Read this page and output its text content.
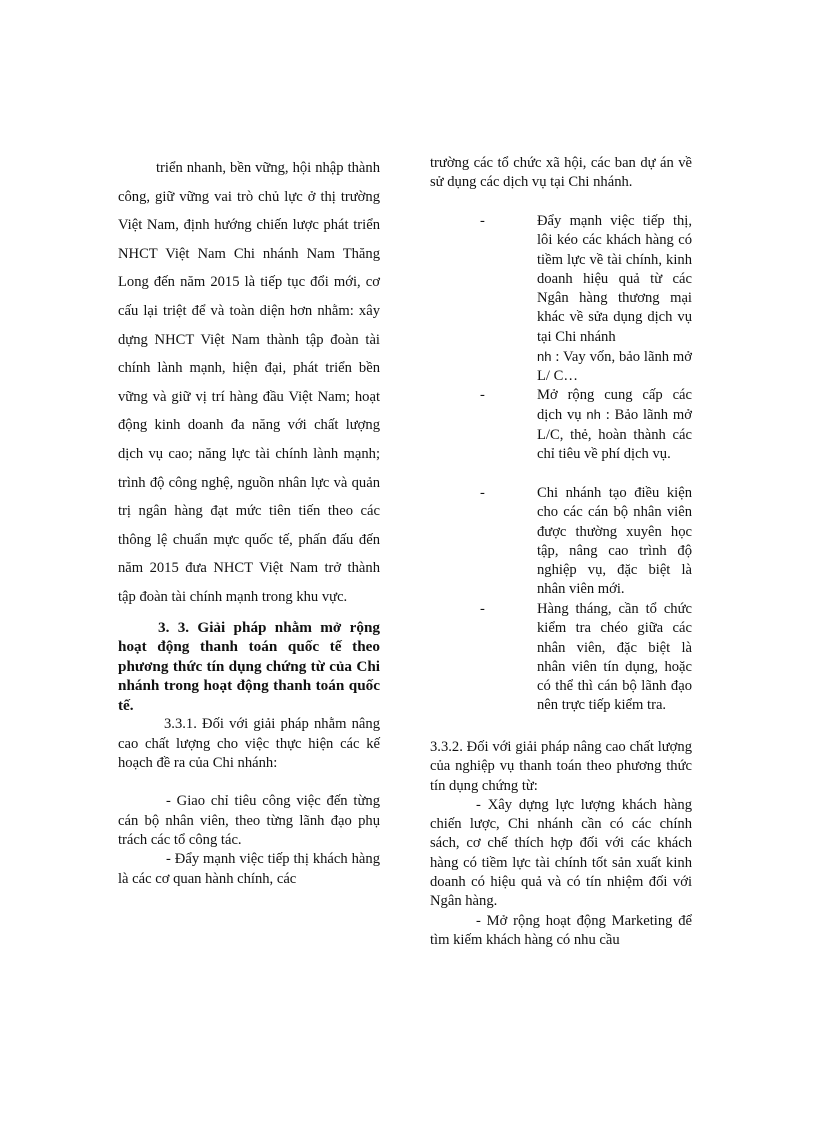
triển nhanh, bền vững, hội nhập thành công, giữ vững vai trò chủ lực ở thị trường Việt Nam, định hướng chiến lược phát triển NHCT Việt Nam Chi nhánh Nam Thăng Long đến năm 2015 là tiếp tục đổi mới, cơ cấu lại triệt để và toàn diện hơn nhằm: xây dựng NHCT Việt Nam thành tập đoàn tài chính lành mạnh, hiện đại, phát triển bền vững và giữ vị trí hàng đầu Việt Nam; hoạt động kinh doanh đa năng với chất lượng dịch vụ cao; năng lực tài chính lành mạnh; trình độ công nghệ, nguồn nhân lực và quản trị ngân hàng đạt mức tiên tiến theo các thông lệ chuẩn mực quốc tế, phấn đấu đến năm 2015 đưa NHCT Việt Nam trở thành tập đoàn tài chính mạnh trong khu vực.

3. 3. Giải pháp nhằm mở rộng hoạt động thanh toán quốc tế theo phương thức tín dụng chứng từ của Chi nhánh trong hoạt động thanh toán quốc tế.

3.3.1. Đối với giải pháp nhằm nâng cao chất lượng cho việc thực hiện các kế hoạch đề ra của Chi nhánh:

- Giao chỉ tiêu công việc đến từng cán bộ nhân viên, theo từng lãnh đạo phụ trách các tổ công tác.

- Đẩy mạnh việc tiếp thị khách hàng là các cơ quan hành chính, các

trường các tổ chức xã hội, các ban dự án về sử dụng các dịch vụ tại Chi nhánh.

-	Đẩy mạnh việc tiếp thị, lôi kéo các khách hàng có tiềm lực về tài chính, kinh doanh hiệu quả từ các Ngân hàng thương mại khác về sửa dụng dịch vụ tại Chi nhánh
nh : Vay vốn, bảo lãnh mở L/ C…
-	Mở rộng cung cấp các dịch vụ nh : Bảo lãnh mở L/C, thẻ, hoàn thành các chỉ tiêu về phí dịch vụ.
-	Chi nhánh tạo điều kiện cho các cán bộ nhân viên được thường xuyên học tập, nâng cao trình độ nghiệp vụ, đặc biệt là nhân viên mới.
-	Hàng tháng, cần tổ chức kiểm tra chéo giữa các nhân viên, đặc biệt là nhân viên tín dụng, hoặc có thể thì cán bộ lãnh đạo nên trực tiếp kiểm tra.

3.3.2. Đối với giải pháp nâng cao chất lượng của nghiệp vụ thanh toán theo phương thức tín dụng chứng từ:

- Xây dựng lực lượng khách hàng chiến lược, Chi nhánh cần có các chính sách, cơ chế thích hợp đối với các khách hàng có tiềm lực tài chính tốt sản xuất kinh doanh có hiệu quả và có tín nhiệm đối với Ngân hàng.

- Mở rộng hoạt động Marketing để tìm kiếm khách hàng có nhu cầu
